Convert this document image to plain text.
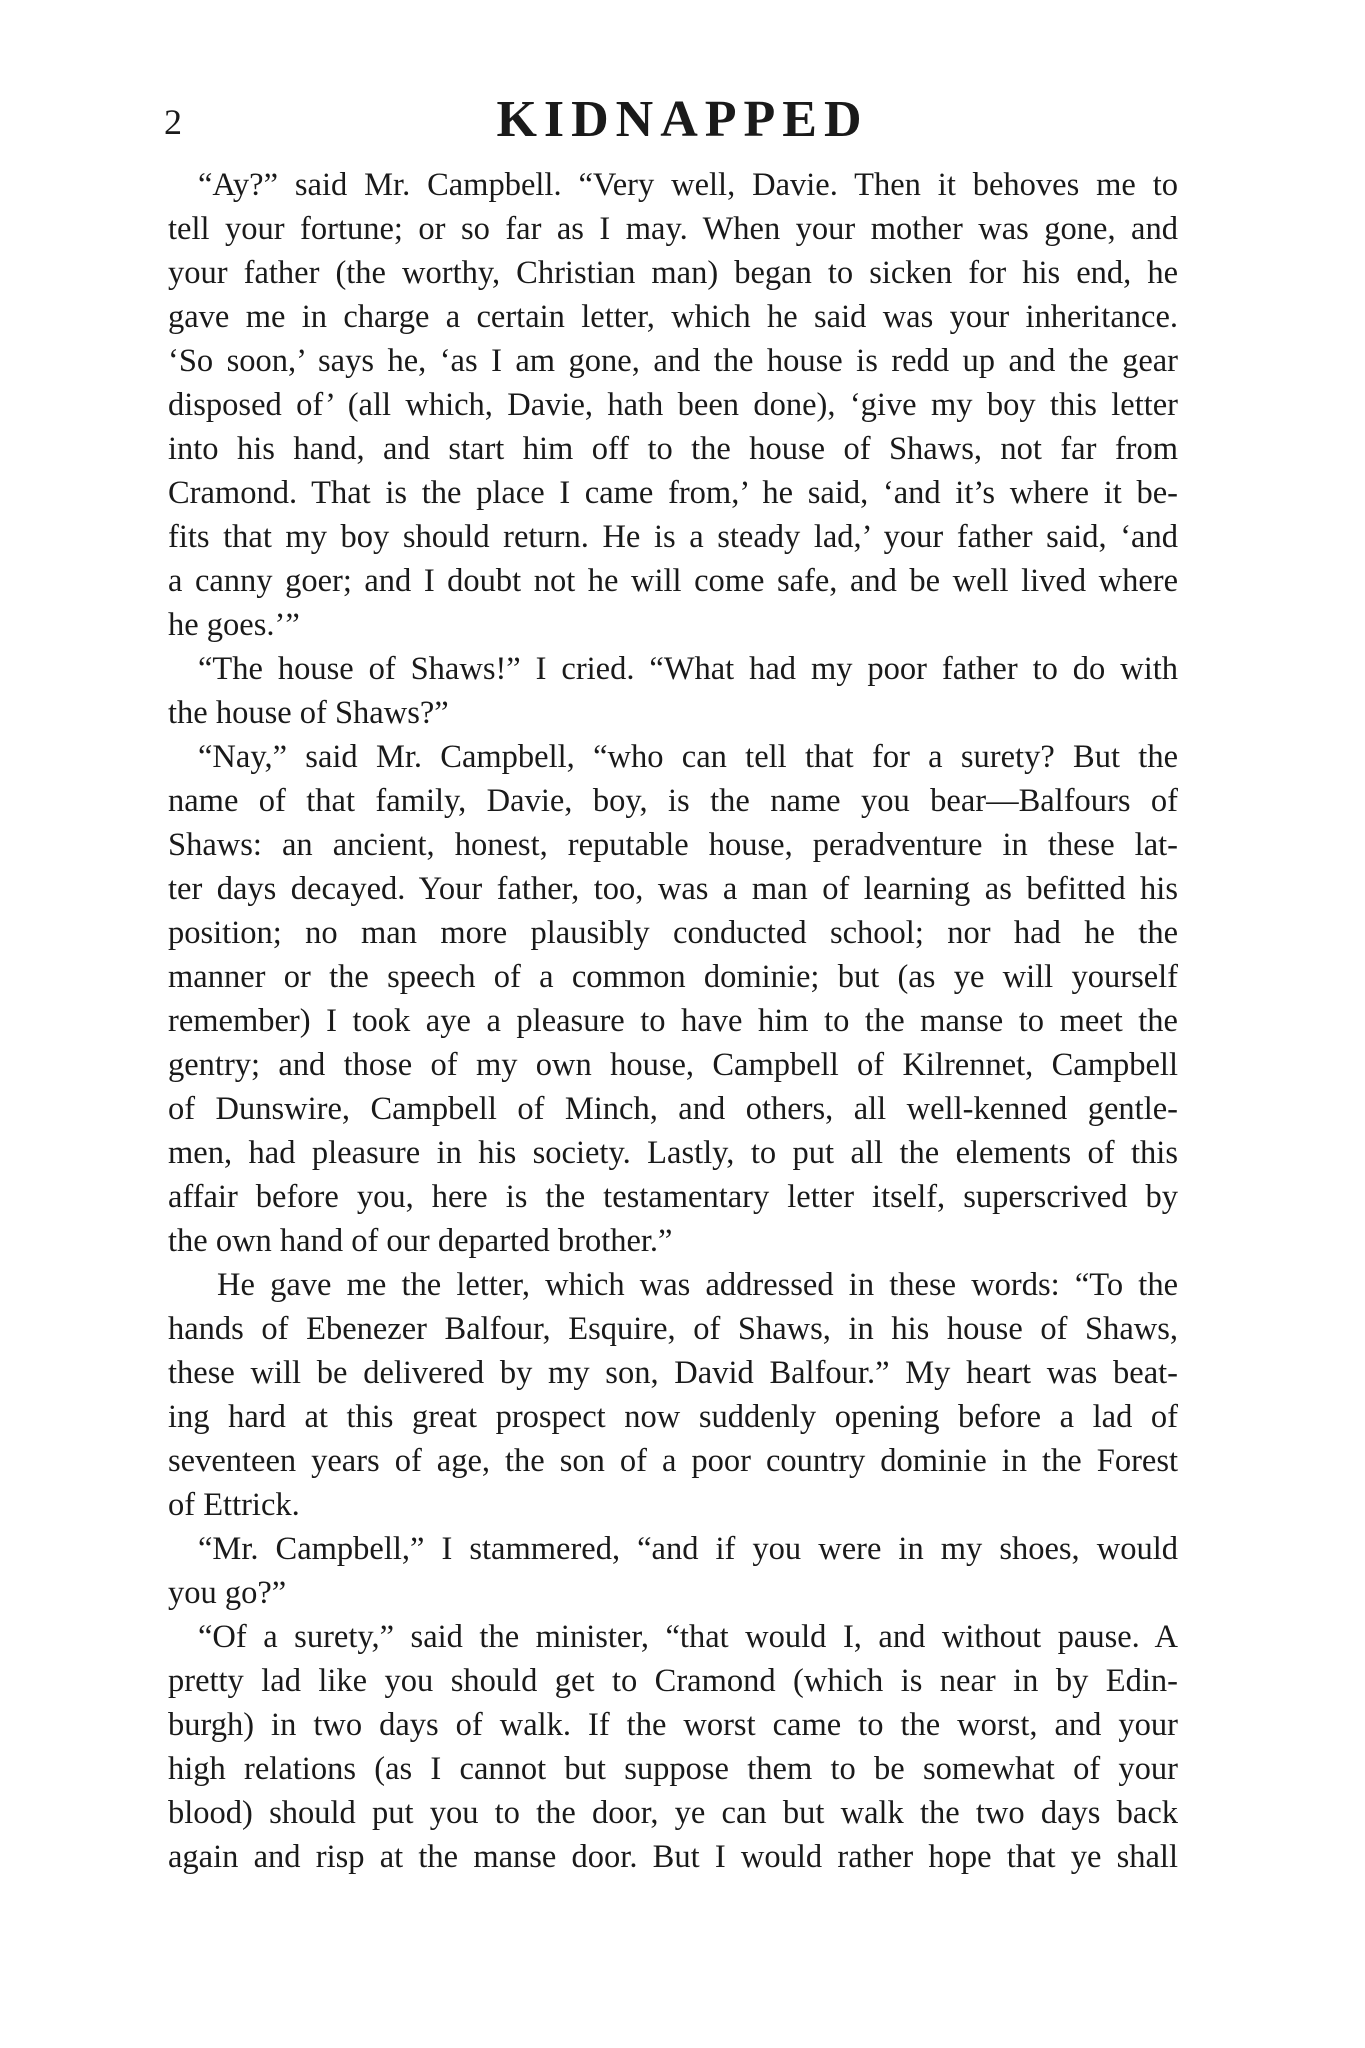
2	KIDNAPPED
“Ay?” said Mr. Campbell. “Very well, Davie. Then it behoves me to
tell your fortune; or so far as I may. When your mother was gone, and
your father (the worthy, Christian man) began to sicken for his end, he
gave me in charge a certain letter, which he said was your inheritance.
‘So soon,’ says he, ‘as I am gone, and the house is redd up and the gear
disposed of’ (all which, Davie, hath been done), ‘give my boy this letter
into his hand, and start him off to the house of Shaws, not far from
Cramond. That is the place I came from,’ he said, ‘and it’s where it be-
fits that my boy should return. He is a steady lad,’ your father said, ‘and
a canny goer; and I doubt not he will come safe, and be well lived where
he goes.’”
“The house of Shaws!” I cried. “What had my poor father to do with
the house of Shaws?”
“Nay,” said Mr. Campbell, “who can tell that for a surety? But the
name of that family, Davie, boy, is the name you bear—Balfours of
Shaws: an ancient, honest, reputable house, peradventure in these lat-
ter days decayed. Your father, too, was a man of learning as befitted his
position; no man more plausibly conducted school; nor had he the
manner or the speech of a common dominie; but (as ye will yourself
remember) I took aye a pleasure to have him to the manse to meet the
gentry; and those of my own house, Campbell of Kilrennet, Campbell
of Dunswire, Campbell of Minch, and others, all well-kenned gentle-
men, had pleasure in his society. Lastly, to put all the elements of this
affair before you, here is the testamentary letter itself, superscrived by
the own hand of our departed brother.”
He gave me the letter, which was addressed in these words: “To the
hands of Ebenezer Balfour, Esquire, of Shaws, in his house of Shaws,
these will be delivered by my son, David Balfour.” My heart was beat-
ing hard at this great prospect now suddenly opening before a lad of
seventeen years of age, the son of a poor country dominie in the Forest
of Ettrick.
“Mr. Campbell,” I stammered, “and if you were in my shoes, would
you go?”
“Of a surety,” said the minister, “that would I, and without pause. A
pretty lad like you should get to Cramond (which is near in by Edin-
burgh) in two days of walk. If the worst came to the worst, and your
high relations (as I cannot but suppose them to be somewhat of your
blood) should put you to the door, ye can but walk the two days back
again and risp at the manse door. But I would rather hope that ye shall
